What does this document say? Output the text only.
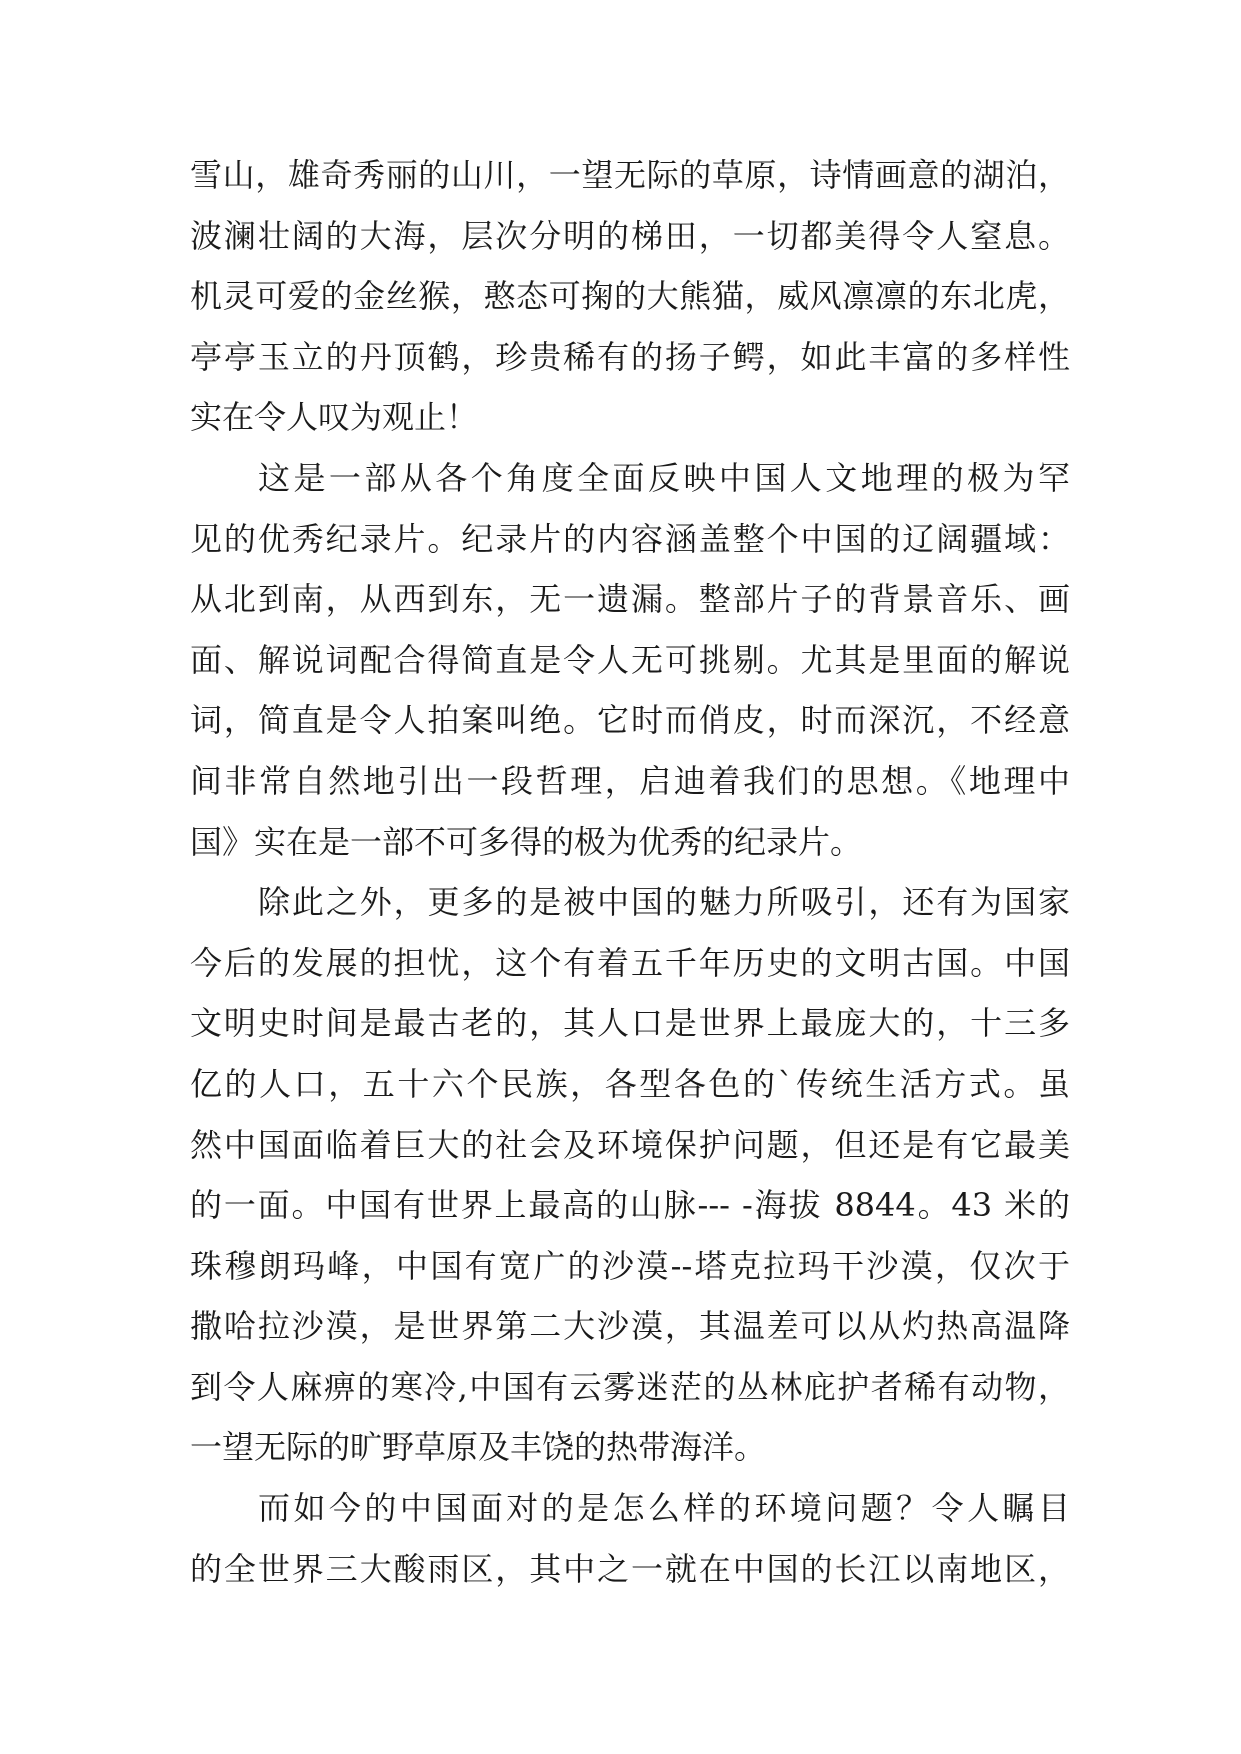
雪山，雄奇秀丽的山川，一望无际的草原，诗情画意的湖泊，
波澜壮阔的大海，层次分明的梯田，一切都美得令人窒息。
机灵可爱的金丝猴，憨态可掬的大熊猫，威风凛凛的东北虎，
亭亭玉立的丹顶鹤，珍贵稀有的扬子鳄，如此丰富的多样性
实在令人叹为观止！
这是一部从各个角度全面反映中国人文地理的极为罕
见的优秀纪录片。纪录片的内容涵盖整个中国的辽阔疆域：
从北到南，从西到东，无一遗漏。整部片子的背景音乐、画
面、解说词配合得简直是令人无可挑剔。尤其是里面的解说
词，简直是令人拍案叫绝。它时而俏皮，时而深沉，不经意
间非常自然地引出一段哲理，启迪着我们的思想。《地理中
国》实在是一部不可多得的极为优秀的纪录片。
除此之外，更多的是被中国的魅力所吸引，还有为国家
今后的发展的担忧，这个有着五千年历史的文明古国。中国
文明史时间是最古老的，其人口是世界上最庞大的，十三多
亿的人口，五十六个民族，各型各色的`传统生活方式。虽
然中国面临着巨大的社会及环境保护问题，但还是有它最美
的一面。中国有世界上最高的山脉--- -海拔 8844。43 米的
珠穆朗玛峰，中国有宽广的沙漠--塔克拉玛干沙漠，仅次于
撒哈拉沙漠，是世界第二大沙漠，其温差可以从灼热高温降
到令人麻痹的寒冷,中国有云雾迷茫的丛林庇护者稀有动物，
一望无际的旷野草原及丰饶的热带海洋。
而如今的中国面对的是怎么样的环境问题？令人瞩目
的全世界三大酸雨区，其中之一就在中国的长江以南地区，
